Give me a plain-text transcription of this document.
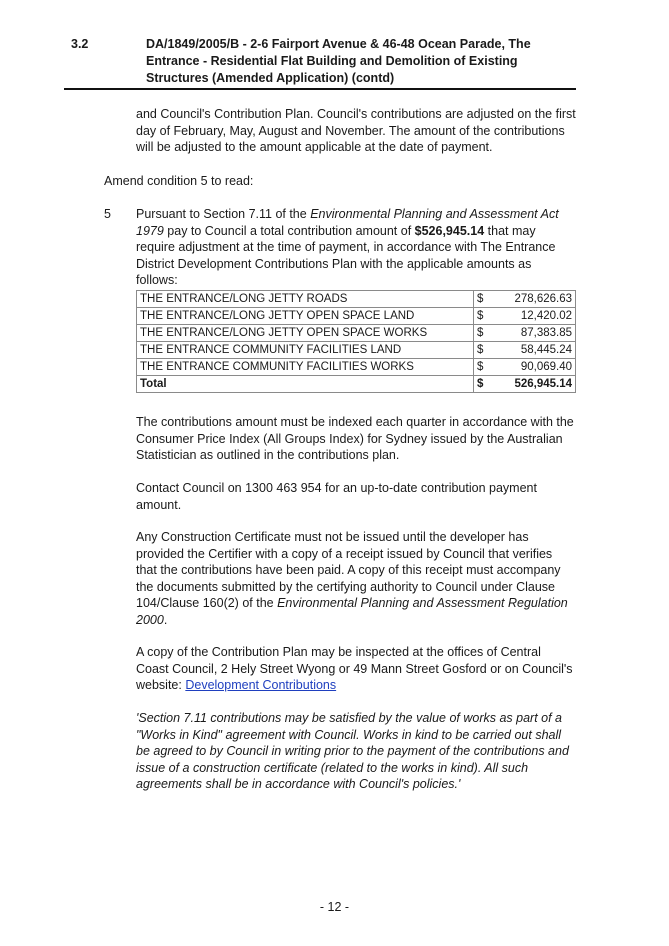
3.2	DA/1849/2005/B - 2-6 Fairport Avenue & 46-48 Ocean Parade, The Entrance - Residential Flat Building and Demolition of Existing Structures (Amended Application) (contd)

and Council's Contribution Plan. Council's contributions are adjusted on the first day of February, May, August and November. The amount of the contributions will be adjusted to the amount applicable at the date of payment.

Amend condition 5 to read:

5 Pursuant to Section 7.11 of the Environmental Planning and Assessment Act 1979 pay to Council a total contribution amount of $526,945.14 that may require adjustment at the time of payment, in accordance with The Entrance District Development Contributions Plan with the applicable amounts as follows:

THE ENTRANCE/LONG JETTY ROADS	$	278,626.63
THE ENTRANCE/LONG JETTY OPEN SPACE LAND	$	12,420.02
THE ENTRANCE/LONG JETTY OPEN SPACE WORKS	$	87,383.85
THE ENTRANCE COMMUNITY FACILITIES LAND	$	58,445.24
THE ENTRANCE COMMUNITY FACILITIES WORKS	$	90,069.40
Total	$	526,945.14

The contributions amount must be indexed each quarter in accordance with the Consumer Price Index (All Groups Index) for Sydney issued by the Australian Statistician as outlined in the contributions plan.

Contact Council on 1300 463 954 for an up-to-date contribution payment amount.

Any Construction Certificate must not be issued until the developer has provided the Certifier with a copy of a receipt issued by Council that verifies that the contributions have been paid. A copy of this receipt must accompany the documents submitted by the certifying authority to Council under Clause 104/Clause 160(2) of the Environmental Planning and Assessment Regulation 2000.

A copy of the Contribution Plan may be inspected at the offices of Central Coast Council, 2 Hely Street Wyong or 49 Mann Street Gosford or on Council's website: Development Contributions

'Section 7.11 contributions may be satisfied by the value of works as part of a "Works in Kind" agreement with Council. Works in kind to be carried out shall be agreed to by Council in writing prior to the payment of the contributions and issue of a construction certificate (related to the works in kind). All such agreements shall be in accordance with Council's policies.'

- 12 -
